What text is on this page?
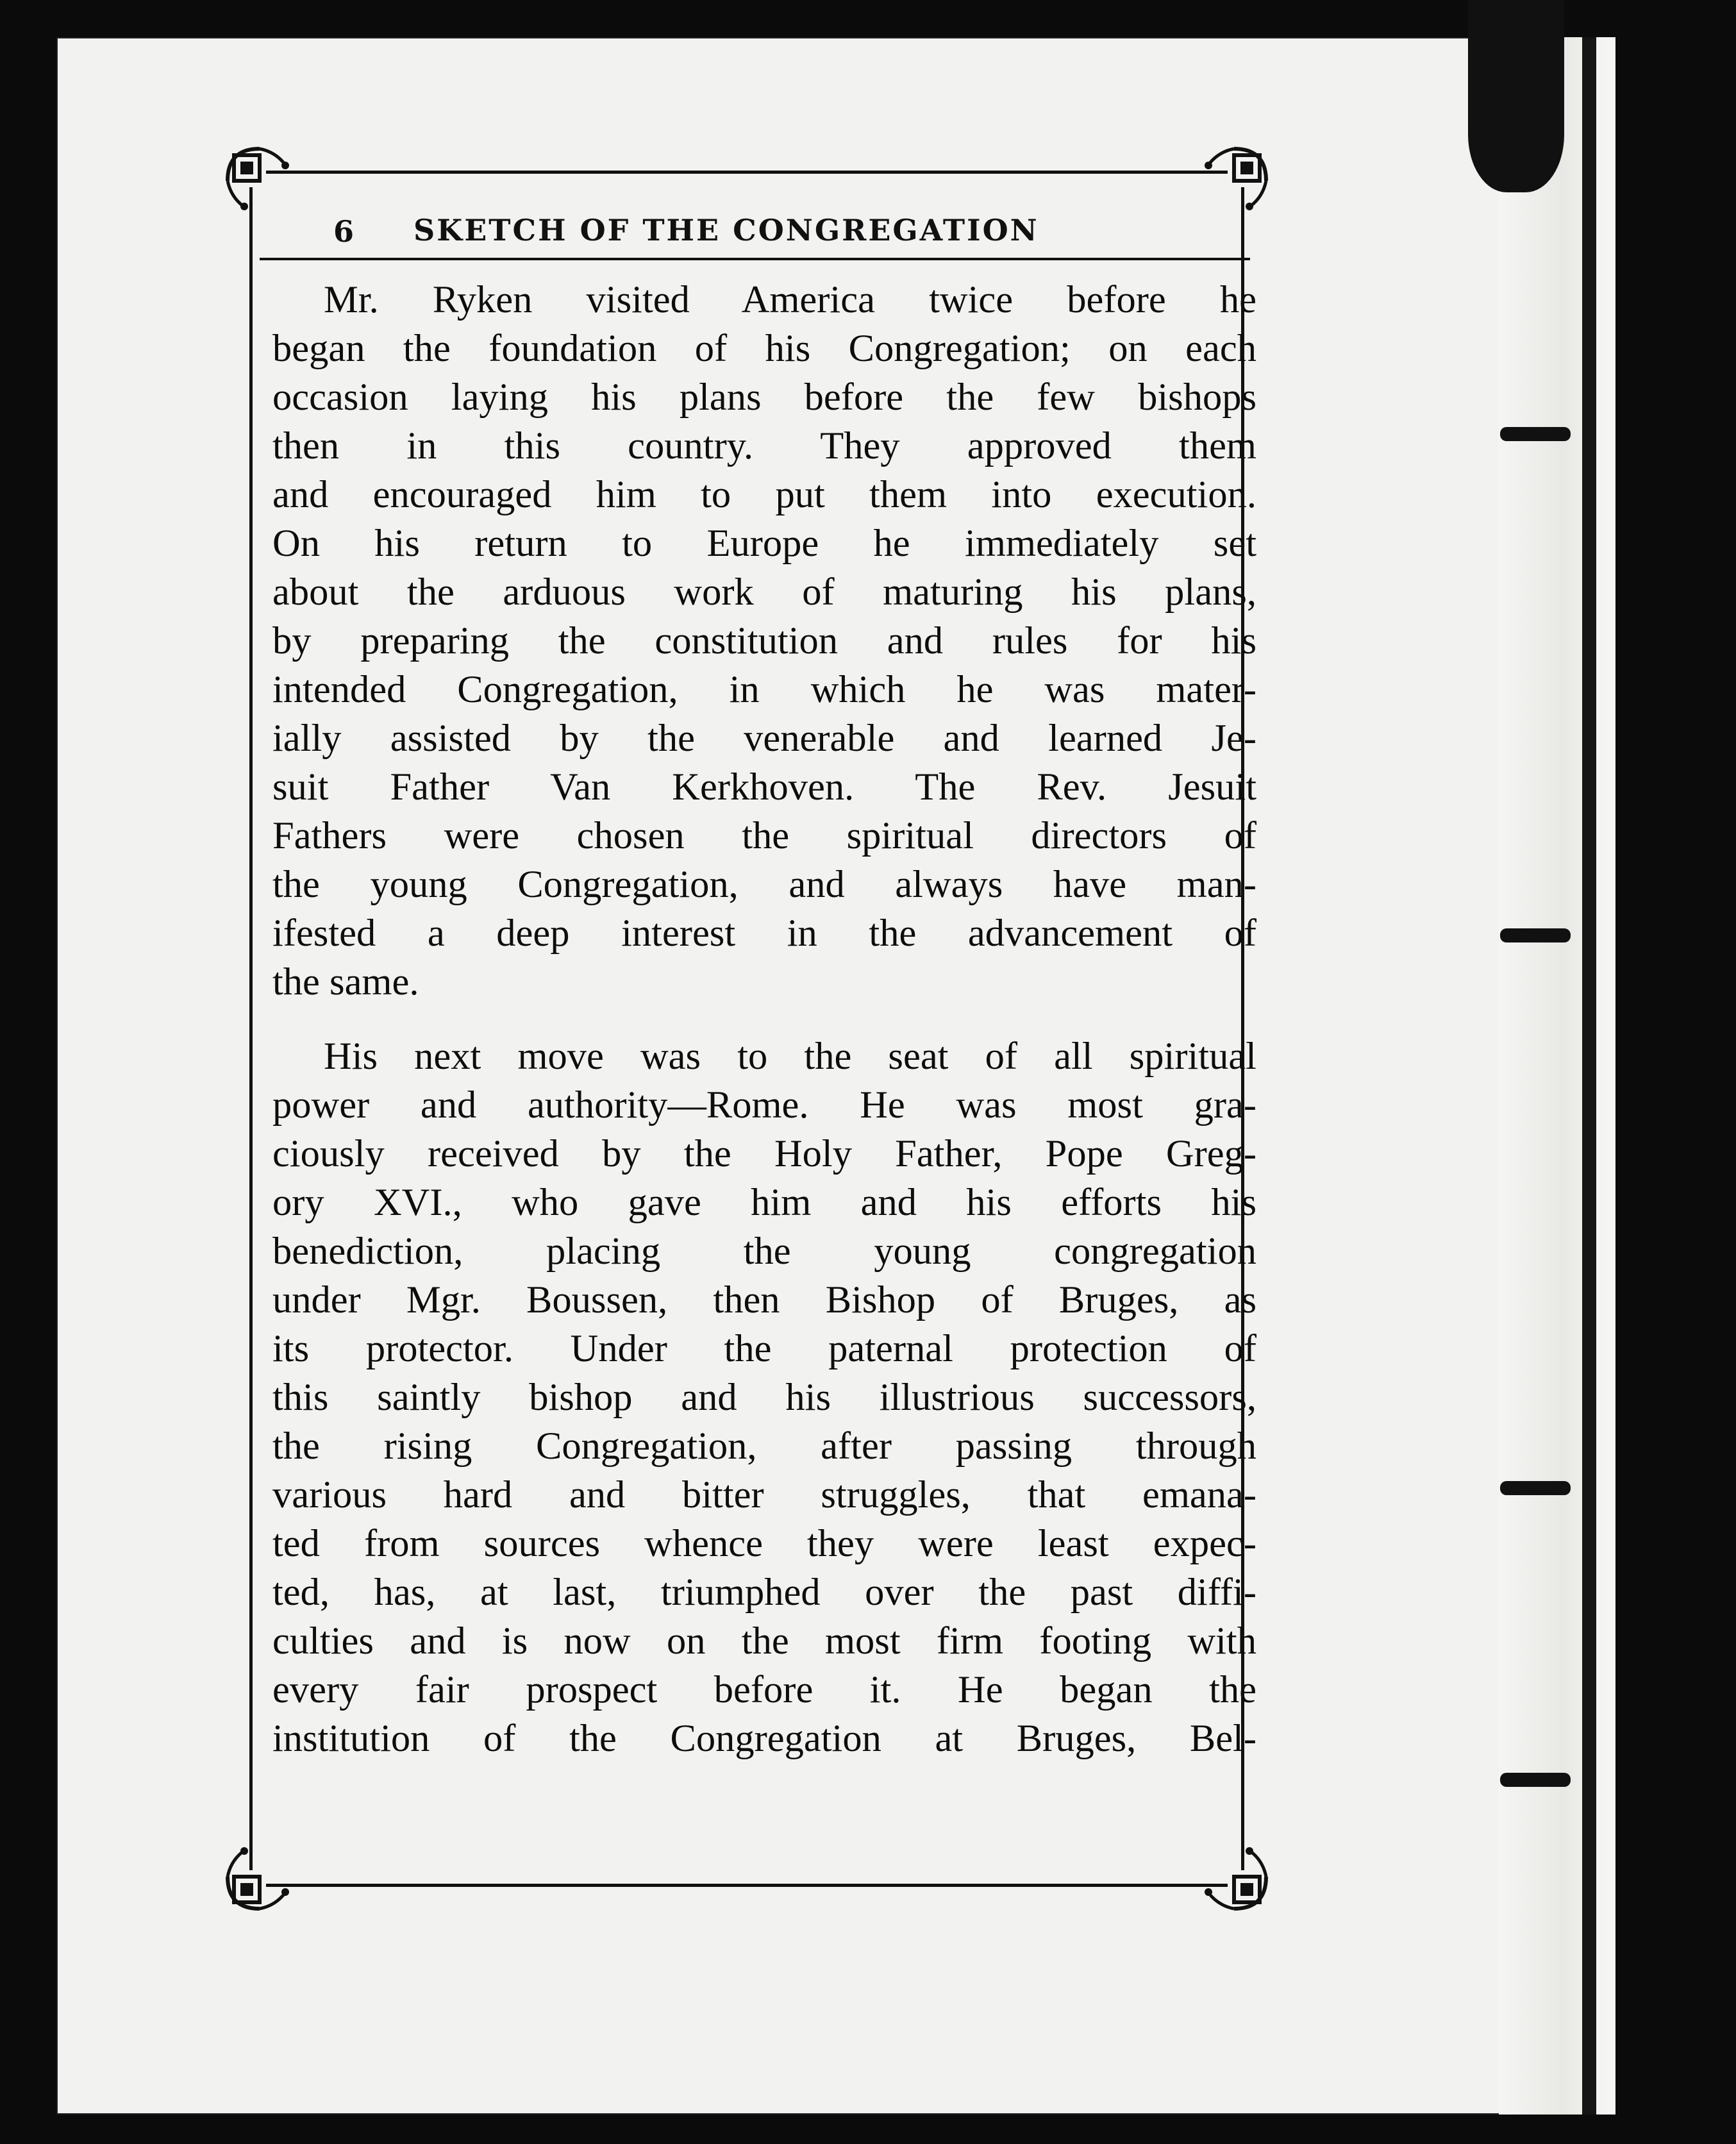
6 SKETCH OF THE CONGREGATION
Mr. Ryken visited America twice before he
began the foundation of his Congregation; on each
occasion laying his plans before the few bishops
then in this country. They approved them
and encouraged him to put them into execution.
On his return to Europe he immediately set
about the arduous work of maturing his plans,
by preparing the constitution and rules for his
intended Congregation, in which he was mater-
ially assisted by the venerable and learned Je-
suit Father Van Kerkhoven. The Rev. Jesuit
Fathers were chosen the spiritual directors of
the young Congregation, and always have man-
ifested a deep interest in the advancement of
the same.
His next move was to the seat of all spiritual
power and authority—Rome. He was most gra-
ciously received by the Holy Father, Pope Greg-
ory XVI., who gave him and his efforts his
benediction, placing the young congregation
under Mgr. Boussen, then Bishop of Bruges, as
its protector. Under the paternal protection of
this saintly bishop and his illustrious successors,
the rising Congregation, after passing through
various hard and bitter struggles, that emana-
ted from sources whence they were least expec-
ted, has, at last, triumphed over the past diffi-
culties and is now on the most firm footing with
every fair prospect before it. He began the
institution of the Congregation at Bruges, Bel-
